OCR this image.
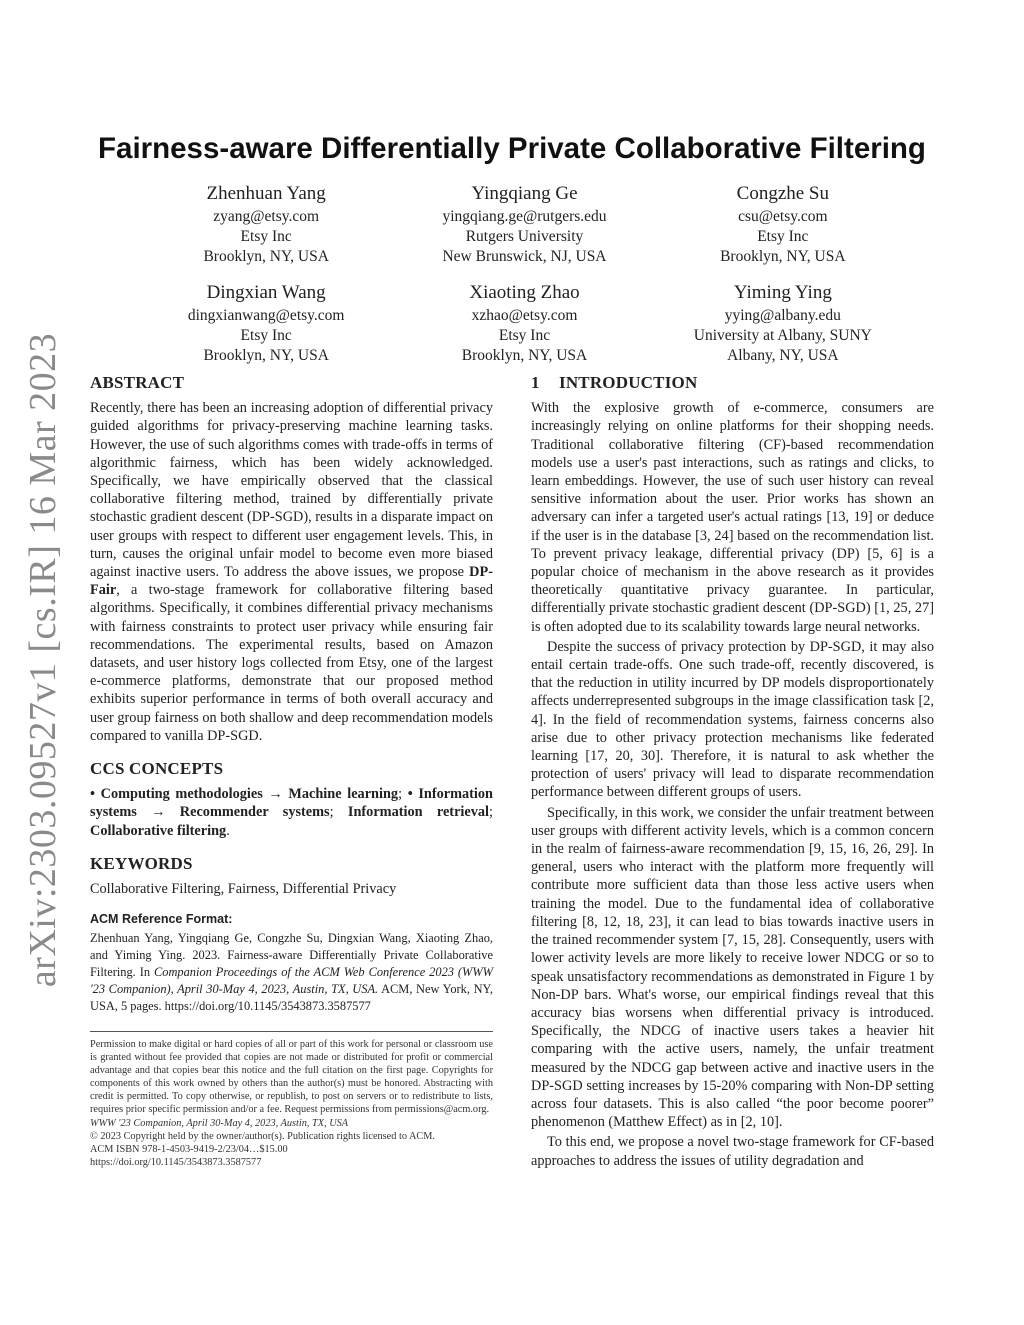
arXiv:2303.09527v1 [cs.IR] 16 Mar 2023
Fairness-aware Differentially Private Collaborative Filtering
Zhenhuan Yang
zyang@etsy.com
Etsy Inc
Brooklyn, NY, USA
Yingqiang Ge
yingqiang.ge@rutgers.edu
Rutgers University
New Brunswick, NJ, USA
Congzhe Su
csu@etsy.com
Etsy Inc
Brooklyn, NY, USA
Dingxian Wang
dingxianwang@etsy.com
Etsy Inc
Brooklyn, NY, USA
Xiaoting Zhao
xzhao@etsy.com
Etsy Inc
Brooklyn, NY, USA
Yiming Ying
yying@albany.edu
University at Albany, SUNY
Albany, NY, USA
ABSTRACT

Recently, there has been an increasing adoption of differential privacy guided algorithms for privacy-preserving machine learning tasks. However, the use of such algorithms comes with trade-offs in terms of algorithmic fairness, which has been widely acknowledged. Specifically, we have empirically observed that the classical collaborative filtering method, trained by differentially private stochastic gradient descent (DP-SGD), results in a disparate impact on user groups with respect to different user engagement levels. This, in turn, causes the original unfair model to become even more biased against inactive users. To address the above issues, we propose DP-Fair, a two-stage framework for collaborative filtering based algorithms. Specifically, it combines differential privacy mechanisms with fairness constraints to protect user privacy while ensuring fair recommendations. The experimental results, based on Amazon datasets, and user history logs collected from Etsy, one of the largest e-commerce platforms, demonstrate that our proposed method exhibits superior performance in terms of both overall accuracy and user group fairness on both shallow and deep recommendation models compared to vanilla DP-SGD.

CCS CONCEPTS

• Computing methodologies → Machine learning; • Information systems → Recommender systems; Information retrieval; Collaborative filtering.

KEYWORDS

Collaborative Filtering, Fairness, Differential Privacy

ACM Reference Format:

Zhenhuan Yang, Yingqiang Ge, Congzhe Su, Dingxian Wang, Xiaoting Zhao, and Yiming Ying. 2023. Fairness-aware Differentially Private Collaborative Filtering. In Companion Proceedings of the ACM Web Conference 2023 (WWW '23 Companion), April 30-May 4, 2023, Austin, TX, USA. ACM, New York, NY, USA, 5 pages. https://doi.org/10.1145/3543873.3587577

Permission to make digital or hard copies of all or part of this work for personal or classroom use is granted without fee provided that copies are not made or distributed for profit or commercial advantage and that copies bear this notice and the full citation on the first page. Copyrights for components of this work owned by others than the author(s) must be honored. Abstracting with credit is permitted. To copy otherwise, or republish, to post on servers or to redistribute to lists, requires prior specific permission and/or a fee. Request permissions from permissions@acm.org.

WWW '23 Companion, April 30-May 4, 2023, Austin, TX, USA

© 2023 Copyright held by the owner/author(s). Publication rights licensed to ACM.

ACM ISBN 978-1-4503-9419-2/23/04…$15.00

https://doi.org/10.1145/3543873.3587577

1 INTRODUCTION

With the explosive growth of e-commerce, consumers are increasingly relying on online platforms for their shopping needs. Traditional collaborative filtering (CF)-based recommendation models use a user's past interactions, such as ratings and clicks, to learn embeddings. However, the use of such user history can reveal sensitive information about the user. Prior works has shown an adversary can infer a targeted user's actual ratings [13, 19] or deduce if the user is in the database [3, 24] based on the recommendation list. To prevent privacy leakage, differential privacy (DP) [5, 6] is a popular choice of mechanism in the above research as it provides theoretically quantitative privacy guarantee. In particular, differentially private stochastic gradient descent (DP-SGD) [1, 25, 27] is often adopted due to its scalability towards large neural networks.

Despite the success of privacy protection by DP-SGD, it may also entail certain trade-offs. One such trade-off, recently discovered, is that the reduction in utility incurred by DP models disproportionately affects underrepresented subgroups in the image classification task [2, 4]. In the field of recommendation systems, fairness concerns also arise due to other privacy protection mechanisms like federated learning [17, 20, 30]. Therefore, it is natural to ask whether the protection of users' privacy will lead to disparate recommendation performance between different groups of users.

Specifically, in this work, we consider the unfair treatment between user groups with different activity levels, which is a common concern in the realm of fairness-aware recommendation [9, 15, 16, 26, 29]. In general, users who interact with the platform more frequently will contribute more sufficient data than those less active users when training the model. Due to the fundamental idea of collaborative filtering [8, 12, 18, 23], it can lead to bias towards inactive users in the trained recommender system [7, 15, 28]. Consequently, users with lower activity levels are more likely to receive lower NDCG or so to speak unsatisfactory recommendations as demonstrated in Figure 1 by Non-DP bars. What's worse, our empirical findings reveal that this accuracy bias worsens when differential privacy is introduced. Specifically, the NDCG of inactive users takes a heavier hit comparing with the active users, namely, the unfair treatment measured by the NDCG gap between active and inactive users in the DP-SGD setting increases by 15-20% comparing with Non-DP setting across four datasets. This is also called “the poor become poorer” phenomenon (Matthew Effect) as in [2, 10].

To this end, we propose a novel two-stage framework for CF-based approaches to address the issues of utility degradation and
